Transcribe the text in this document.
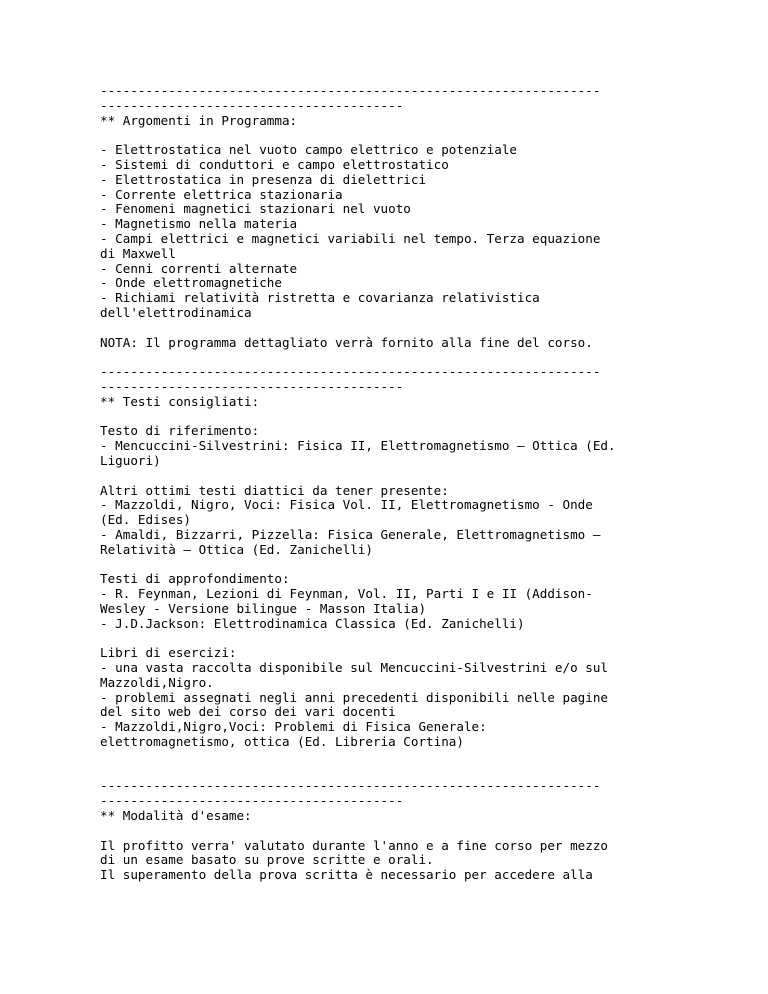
------------------------------------------------------------------
----------------------------------------
** Argomenti in Programma:
- Elettrostatica nel vuoto campo elettrico e potenziale
- Sistemi di conduttori e campo elettrostatico
- Elettrostatica in presenza di dielettrici
- Corrente elettrica stazionaria
- Fenomeni magnetici stazionari nel vuoto
- Magnetismo nella materia
- Campi elettrici e magnetici variabili nel tempo. Terza equazione
di Maxwell
- Cenni correnti alternate
- Onde elettromagnetiche
- Richiami relatività ristretta e covarianza relativistica
dell'elettrodinamica
NOTA: Il programma dettagliato verrà fornito alla fine del corso.
------------------------------------------------------------------
----------------------------------------
** Testi consigliati:
Testo di riferimento:
- Mencuccini-Silvestrini: Fisica II, Elettromagnetismo – Ottica (Ed.
Liguori)
Altri ottimi testi diattici da tener presente:
- Mazzoldi, Nigro, Voci: Fisica Vol. II, Elettromagnetismo - Onde
(Ed. Edises)
- Amaldi, Bizzarri, Pizzella: Fisica Generale, Elettromagnetismo –
Relatività – Ottica (Ed. Zanichelli)
Testi di approfondimento:
- R. Feynman, Lezioni di Feynman, Vol. II, Parti I e II (Addison-
Wesley - Versione bilingue - Masson Italia)
- J.D.Jackson: Elettrodinamica Classica (Ed. Zanichelli)
Libri di esercizi:
- una vasta raccolta disponibile sul Mencuccini-Silvestrini e/o sul
Mazzoldi,Nigro.
- problemi assegnati negli anni precedenti disponibili nelle pagine
del sito web dei corso dei vari docenti
- Mazzoldi,Nigro,Voci: Problemi di Fisica Generale:
elettromagnetismo, ottica (Ed. Libreria Cortina)
------------------------------------------------------------------
----------------------------------------
** Modalità d'esame:
Il profitto verra' valutato durante l'anno e a fine corso per mezzo
di un esame basato su prove scritte e orali.
Il superamento della prova scritta è necessario per accedere alla
